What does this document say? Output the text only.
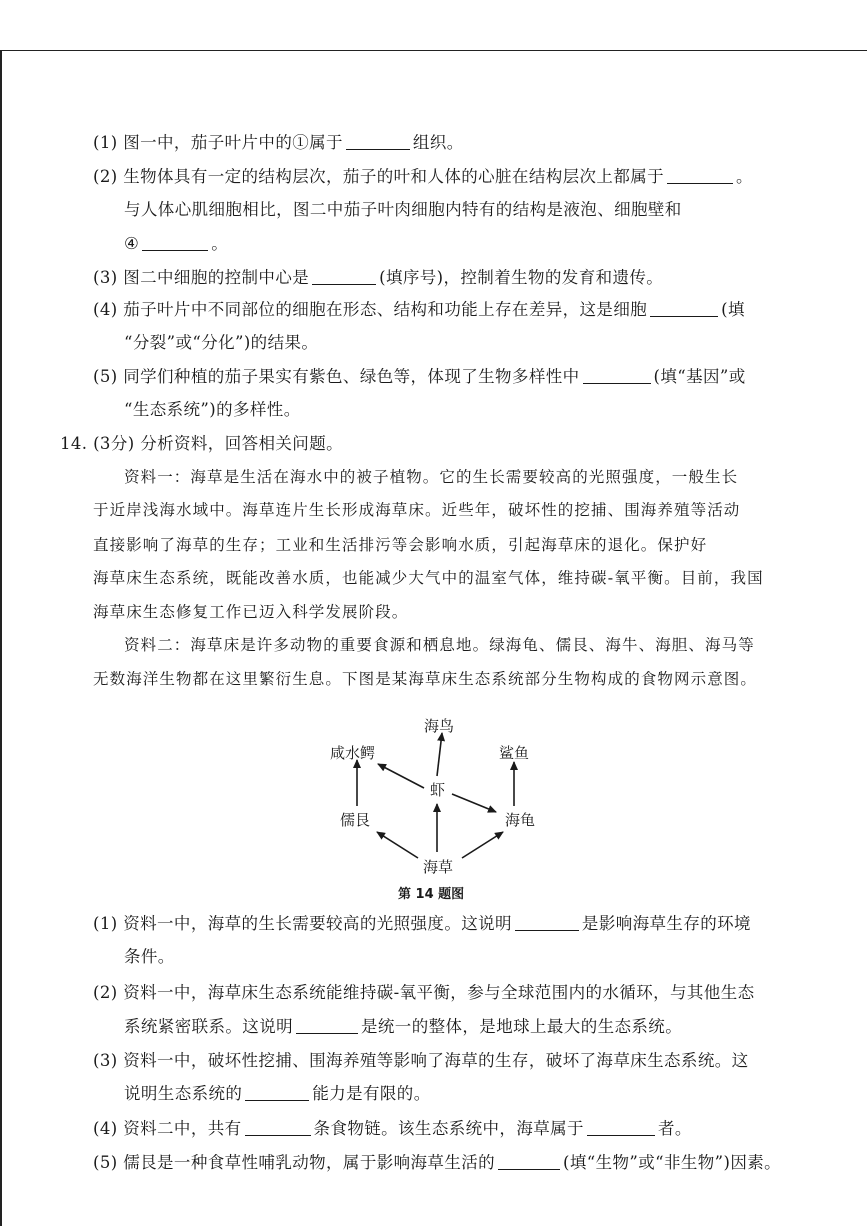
(1) 图一中，茄子叶片中的①属于	组织。
(2) 生物体具有一定的结构层次，茄子的叶和人体的心脏在结构层次上都属于	。
与人体心肌细胞相比，图二中茄子叶肉细胞内特有的结构是液泡、细胞壁和
④	。
(3) 图二中细胞的控制中心是	(填序号)，控制着生物的发育和遗传。
(4) 茄子叶片中不同部位的细胞在形态、结构和功能上存在差异，这是细胞	(填
“分裂”或“分化”)的结果。
(5) 同学们种植的茄子果实有紫色、绿色等，体现了生物多样性中	(填“基因”或
“生态系统”)的多样性。
14. (3分) 分析资料，回答相关问题。
资料一：海草是生活在海水中的被子植物。它的生长需要较高的光照强度，一般生长
于近岸浅海水域中。海草连片生长形成海草床。近些年，破坏性的挖捕、围海养殖等活动
直接影响了海草的生存；工业和生活排污等会影响水质，引起海草床的退化。保护好
海草床生态系统，既能改善水质，也能减少大气中的温室气体，维持碳-氧平衡。目前，我国
海草床生态修复工作已迈入科学发展阶段。
资料二：海草床是许多动物的重要食源和栖息地。绿海龟、儒艮、海牛、海胆、海马等
无数海洋生物都在这里繁衍生息。下图是某海草床生态系统部分生物构成的食物网示意图。
海鸟
咸水鳄	鲨鱼
虾
儒艮	海龟
海草
第 14 题图
(1) 资料一中，海草的生长需要较高的光照强度。这说明	是影响海草生存的环境
条件。
(2) 资料一中，海草床生态系统能维持碳-氧平衡，参与全球范围内的水循环，与其他生态
系统紧密联系。这说明	是统一的整体，是地球上最大的生态系统。
(3) 资料一中，破坏性挖捕、围海养殖等影响了海草的生存，破坏了海草床生态系统。这
说明生态系统的	能力是有限的。
(4) 资料二中，共有	条食物链。该生态系统中，海草属于	者。
(5) 儒艮是一种食草性哺乳动物，属于影响海草生活的	(填“生物”或“非生物”)因素。
